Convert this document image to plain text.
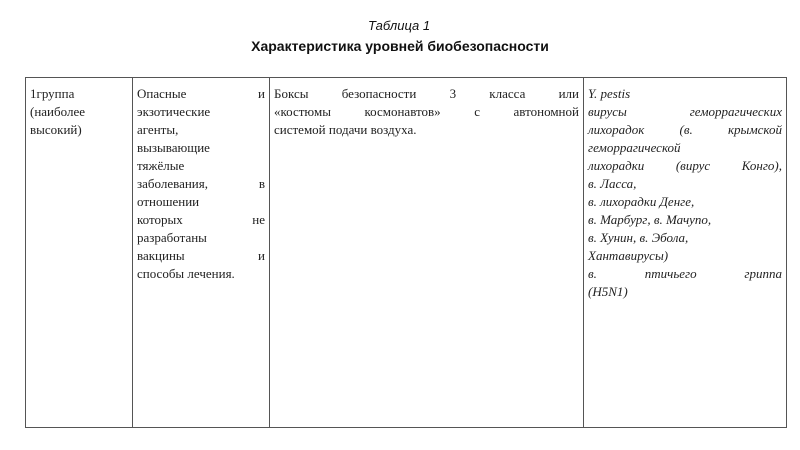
Таблица 1
Характеристика уровней биобезопасности
1группа
(наиболее
высокий)

Опасные	и
экзотические
агенты,
вызывающие
тяжёлые
заболевания,	в
отношении
которых	не
разработаны
вакцины	и
способы лечения.

Боксы	безопасности	3	класса	или
«костюмы	космонавтов»	с	автономной
системой подачи воздуха.

Y. pestis
вирусы	геморрагических
лихорадок	(в.	крымской
геморрагической
лихорадки (вирус Конго),
в. Ласса,
в. лихорадки Денге,
в. Марбург, в. Мачупо,
в. Хунин, в. Эбола,
Хантавирусы)
в.	птичьего	гриппа
(H5N1)
